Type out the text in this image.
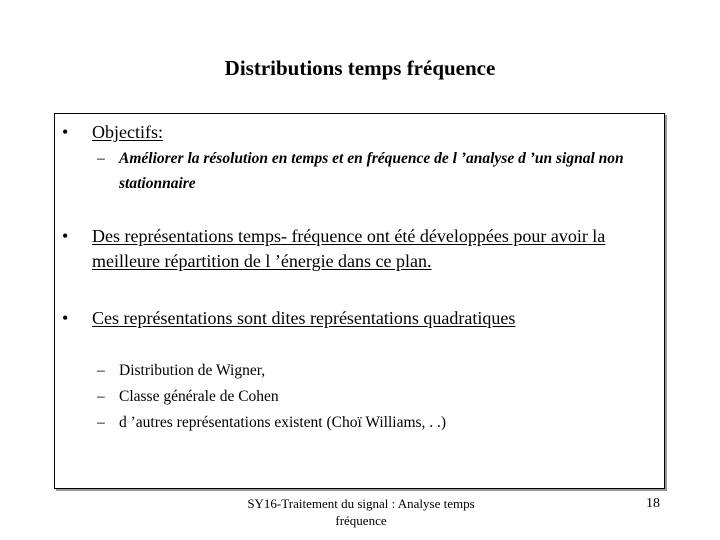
Distributions temps fréquence
• Objectifs:
– Améliorer la résolution en temps et en fréquence de l ’analyse d ’un signal non stationnaire
• Des représentations temps- fréquence ont été développées pour avoir la meilleure répartition de l ’énergie dans ce plan.
• Ces représentations sont dites représentations quadratiques
– Distribution de Wigner,
– Classe générale de Cohen
– d ’autres représentations existent (Choï Williams, . .)
SY16-Traitement du signal : Analyse temps fréquence
18
